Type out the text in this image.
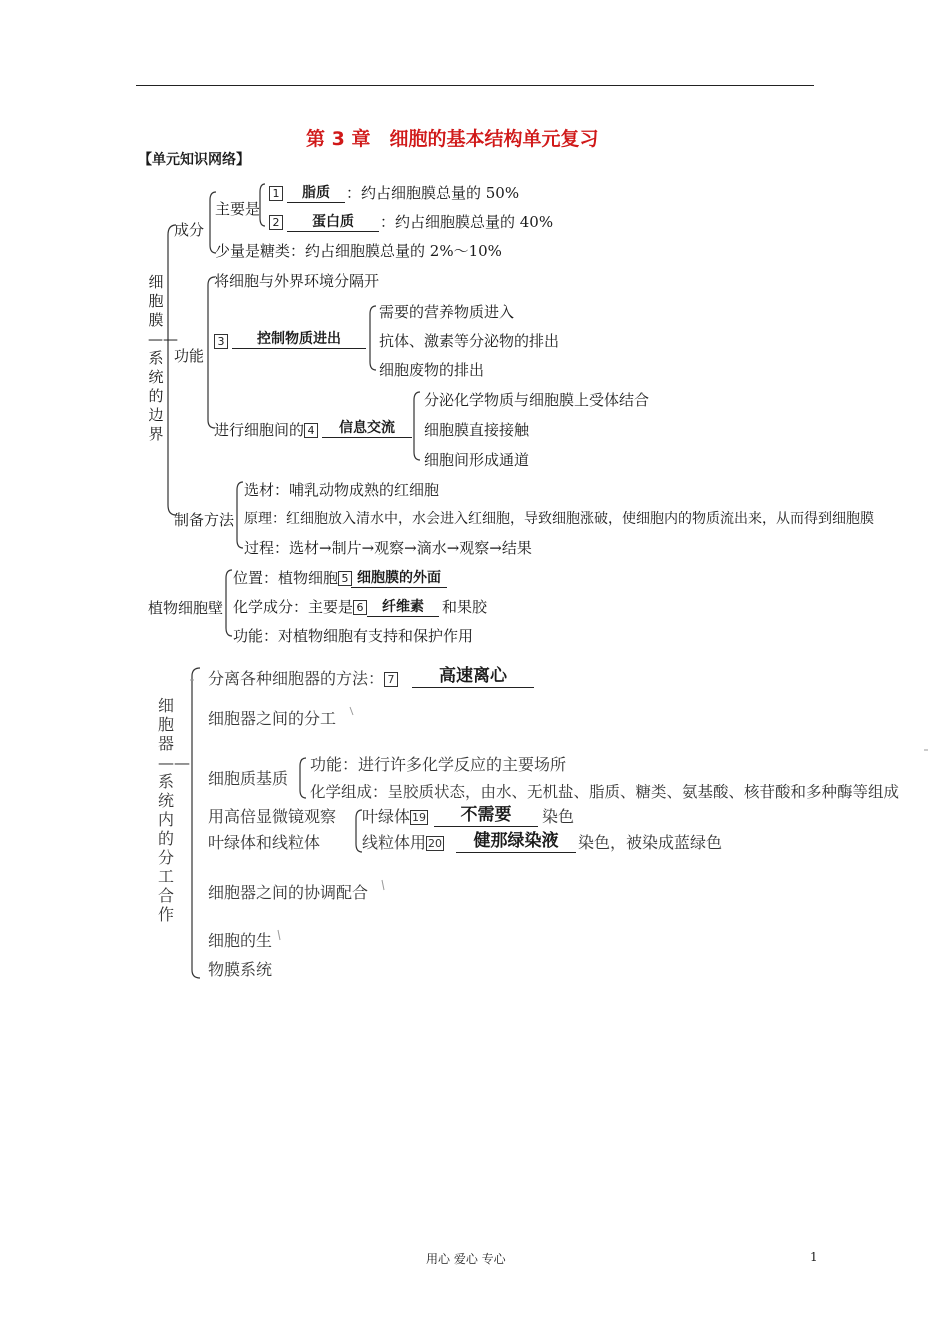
第 3 章　细胞的基本结构单元复习
【单元知识网络】
细胞膜——系统的边界
成分
主要是
1	脂质	：约占细胞膜总量的 50%
2	蛋白质	：约占细胞膜总量的 40%
少量是糖类：约占细胞膜总量的 2%～10%
功能
将细胞与外界环境分隔开
3	控制物质进出
需要的营养物质进入
抗体、激素等分泌物的排出
细胞废物的排出
进行细胞间的 4	信息交流
分泌化学物质与细胞膜上受体结合
细胞膜直接接触
细胞间形成通道
制备方法
选材：哺乳动物成熟的红细胞
原理：红细胞放入清水中，水会进入红细胞，导致细胞涨破，使细胞内的物质流出来，从而得到细胞膜
过程：选材→制片→观察→滴水→观察→结果
植物细胞壁
位置：植物细胞 5 细胞膜的外面
化学成分：主要是 6	纤维素	和果胶
功能：对植物细胞有支持和保护作用
细胞器——系统内的分工合作
分离各种细胞器的方法： 7	高速离心
细胞器之间的分工
细胞质基质
功能：进行许多化学反应的主要场所
化学组成：呈胶质状态，由水、无机盐、脂质、糖类、氨基酸、核苷酸和多种酶等组成
用高倍显微镜观察
叶绿体和线粒体
叶绿体 19	不需要	染色
线粒体用 20	健那绿染液	染色，被染成蓝绿色
细胞器之间的协调配合
细胞的生
物膜系统
用心 爱心 专心	1
